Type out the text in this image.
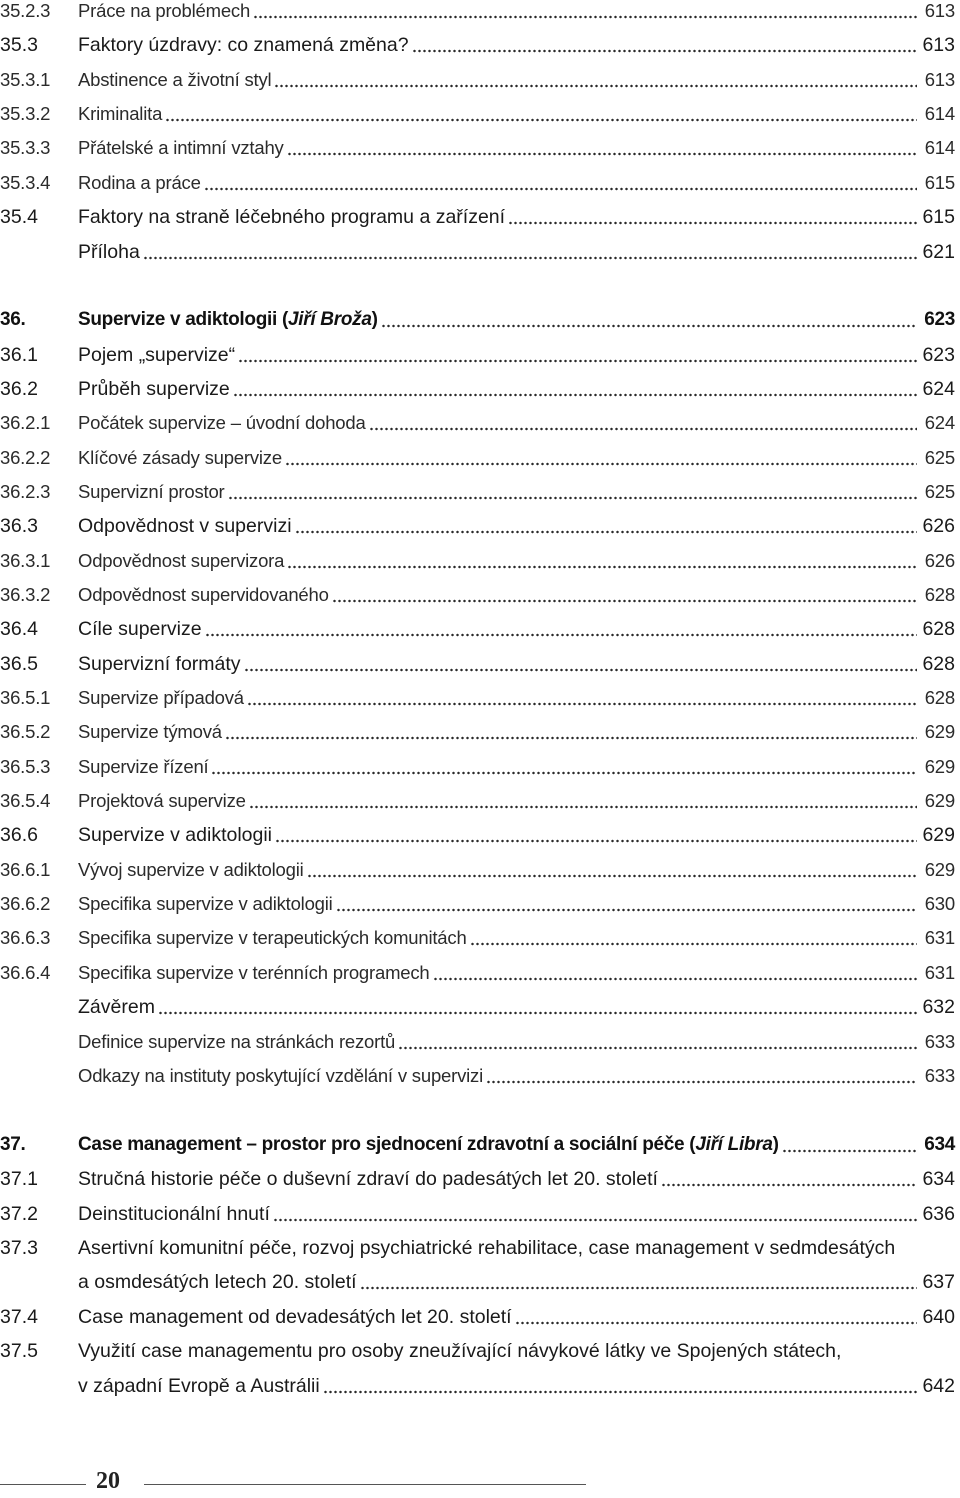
35.2.3 Práce na problémech	613
35.3 Faktory úzdravy: co znamená změna?	613
35.3.1 Abstinence a životní styl	613
35.3.2 Kriminalita	614
35.3.3 Přátelské a intimní vztahy	614
35.3.4 Rodina a práce	615
35.4 Faktory na straně léčebného programu a zařízení	615
Příloha	621
36.	Supervize v adiktologii (Jiří Broža)	623
36.1 Pojem „supervize“	623
36.2 Průběh supervize	624
36.2.1 Počátek supervize – úvodní dohoda	624
36.2.2 Klíčové zásady supervize	625
36.2.3 Supervizní prostor	625
36.3 Odpovědnost v supervizi	626
36.3.1 Odpovědnost supervizora	626
36.3.2 Odpovědnost supervidovaného	628
36.4 Cíle supervize	628
36.5 Supervizní formáty	628
36.5.1 Supervize případová	628
36.5.2 Supervize týmová	629
36.5.3 Supervize řízení	629
36.5.4 Projektová supervize	629
36.6 Supervize v adiktologii	629
36.6.1 Vývoj supervize v adiktologii	629
36.6.2 Specifika supervize v adiktologii	630
36.6.3 Specifika supervize v terapeutických komunitách	631
36.6.4 Specifika supervize v terénních programech	631
Závěrem	632
Definice supervize na stránkách rezortů	633
Odkazy na instituty poskytující vzdělání v supervizi	633
37.	Case management – prostor pro sjednocení zdravotní a sociální péče (Jiří Libra)	634
37.1 Stručná historie péče o duševní zdraví do padesátých let 20. století	634
37.2 Deinstitucionální hnutí	636
37.3 Asertivní komunitní péče, rozvoj psychiatrické rehabilitace, case management v sedmdesátých
a osmdesátých letech 20. století	637
37.4 Case management od devadesátých let 20. století	640
37.5 Využití case managementu pro osoby zneužívající návykové látky ve Spojených státech,
v západní Evropě a Austrálii	642
20
